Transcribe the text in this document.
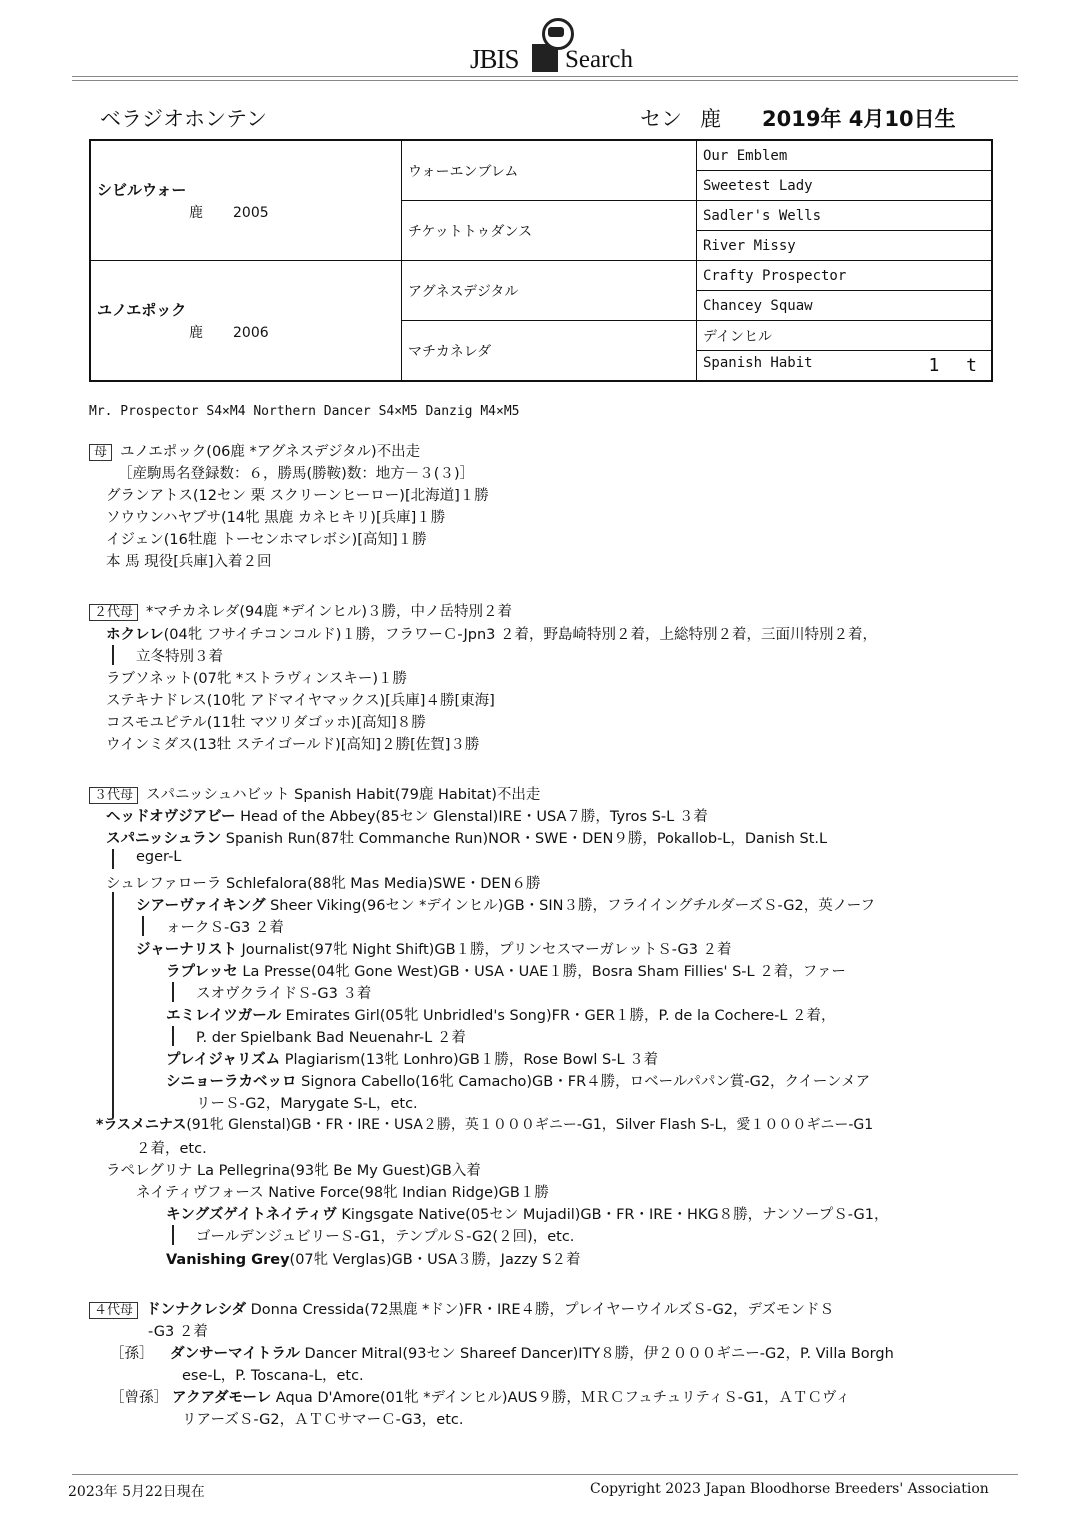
JBIS Search
ベラジオホンテン	セン 鹿 2019年 4月10日生
シビルウォー
鹿 2005	ウォーエンブレム	Our Emblem
		Sweetest Lady
	チケットトゥダンス	Sadler's Wells
		River Missy

ユノエポック
鹿 2006	アグネスデジタル	Crafty Prospector
		Chancey Squaw
	マチカネレダ	デインヒル
		Spanish Habit 1 t
Mr. Prospector S4×M4 Northern Dancer S4×M5 Danzig M4×M5
母 ユノエポック(06鹿 *アグネスデジタル)不出走
［産駒馬名登録数：６，勝馬(勝鞍)数：地方－３(３)］
グランアトス(12セン 栗 スクリーンヒーロー)[北海道]１勝
ソウウンハヤブサ(14牝 黒鹿 カネヒキリ)[兵庫]１勝
イジェン(16牡鹿 トーセンホマレボシ)[高知]１勝
本 馬 現役[兵庫]入着２回
２代母 *マチカネレダ(94鹿 *デインヒル)３勝，中ノ岳特別２着
ホクレレ(04牝 フサイチコンコルド)１勝，フラワーＣ-Jpn3 ２着，野島崎特別２着，上総特別２着，三面川特別２着，
立冬特別３着
ラブソネット(07牝 *ストラヴィンスキー)１勝
ステキナドレス(10牝 アドマイヤマックス)[兵庫]４勝[東海]
コスモユピテル(11牡 マツリダゴッホ)[高知]８勝
ウインミダス(13牡 ステイゴールド)[高知]２勝[佐賀]３勝
３代母 スパニッシュハビット Spanish Habit(79鹿 Habitat)不出走
ヘッドオヴジアビー Head of the Abbey(85セン Glenstal)IRE・USA７勝，Tyros S-L ３着
スパニッシュラン Spanish Run(87牡 Commanche Run)NOR・SWE・DEN９勝，Pokallob-L，Danish St.L
eger-L
シュレファローラ Schlefalora(88牝 Mas Media)SWE・DEN６勝
シアーヴァイキング Sheer Viking(96セン *デインヒル)GB・SIN３勝，フライイングチルダーズＳ-G2，英ノーフ
ォークＳ-G3 ２着
ジャーナリスト Journalist(97牝 Night Shift)GB１勝，プリンセスマーガレットＳ-G3 ２着
ラプレッセ La Presse(04牝 Gone West)GB・USA・UAE１勝，Bosra Sham Fillies' S-L ２着，ファー
スオヴクライドＳ-G3 ３着
エミレイツガール Emirates Girl(05牝 Unbridled's Song)FR・GER１勝，P. de la Cochere-L ２着，
P. der Spielbank Bad Neuenahr-L ２着
プレイジャリズム Plagiarism(13牝 Lonhro)GB１勝，Rose Bowl S-L ３着
シニョーラカベッロ Signora Cabello(16牝 Camacho)GB・FR４勝，ロベールパパン賞-G2，クイーンメア
リーＳ-G2，Marygate S-L，etc.
*ラスメニナス(91牝 Glenstal)GB・FR・IRE・USA２勝，英１０００ギニー-G1，Silver Flash S-L，愛１０００ギニー-G1
２着，etc.
ラペレグリナ La Pellegrina(93牝 Be My Guest)GB入着
ネイティヴフォース Native Force(98牝 Indian Ridge)GB１勝
キングズゲイトネイティヴ Kingsgate Native(05セン Mujadil)GB・FR・IRE・HKG８勝，ナンソープＳ-G1，
ゴールデンジュビリーＳ-G1，テンプルＳ-G2(２回)，etc.
Vanishing Grey(07牝 Verglas)GB・USA３勝，Jazzy S２着
４代母 ドンナクレシダ Donna Cressida(72黒鹿 *ドン)FR・IRE４勝，プレイヤーウイルズＳ-G2，デズモンドＳ
-G3 ２着
［孫］ ダンサーマイトラル Dancer Mitral(93セン Shareef Dancer)ITY８勝，伊２０００ギニー-G2，P. Villa Borgh
ese-L，P. Toscana-L，etc.
［曾孫］ アクアダモーレ Aqua D'Amore(01牝 *デインヒル)AUS９勝，ＭＲＣフュチュリティＳ-G1，ＡＴＣヴィ
リアーズＳ-G2，ＡＴＣサマーＣ-G3，etc.
2023年 5月22日現在	Copyright 2023 Japan Bloodhorse Breeders' Association
